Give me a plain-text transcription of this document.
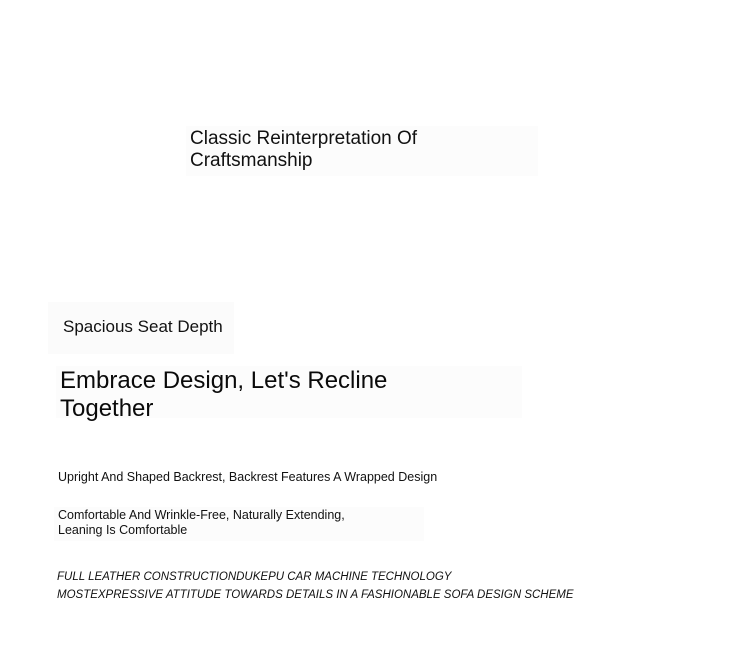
Classic Reinterpretation Of
Craftsmanship
Spacious Seat Depth
Embrace Design, Let's Recline
Together
Upright And Shaped Backrest, Backrest Features A Wrapped Design
Comfortable And Wrinkle-Free, Naturally Extending,
Leaning Is Comfortable
FULL LEATHER CONSTRUCTIONDUKEPU CAR MACHINE TECHNOLOGY
MOSTEXPRESSIVE ATTITUDE TOWARDS DETAILS IN A FASHIONABLE SOFA DESIGN SCHEME
